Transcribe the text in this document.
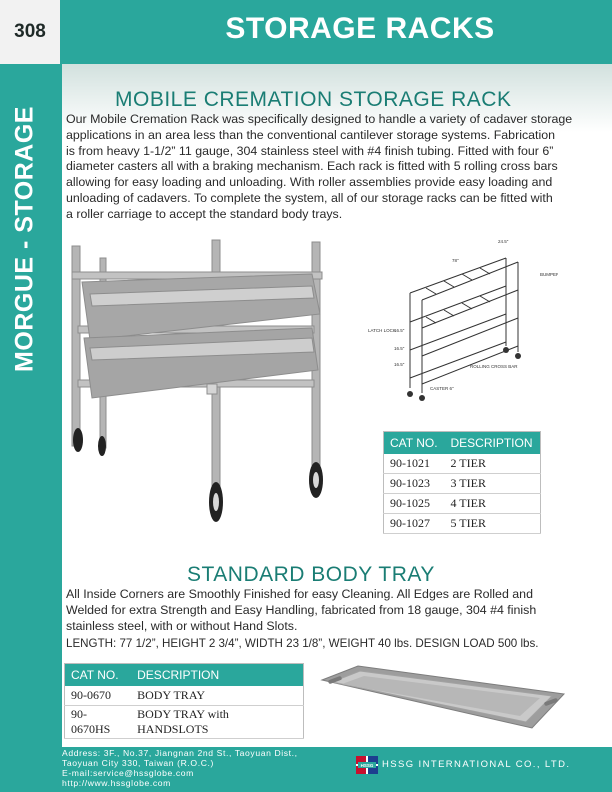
308	STORAGE RACKS
MORGUE - STORAGE
MOBILE CREMATION STORAGE RACK
Our Mobile Cremation Rack was specifically designed to handle a variety of cadaver storage
applications in an area less than the conventional cantilever storage systems. Fabrication
is from heavy 1-1/2” 11 gauge, 304 stainless steel with #4 finish tubing. Fitted with four 6”
diameter casters all with a braking mechanism. Each rack is fitted with 5 rolling cross bars
allowing for easy loading and unloading. With roller assemblies provide easy loading and
unloading of cadavers. To complete the system, all of our storage racks can be fitted with
a roller carriage to accept the standard body trays.
24.5"
BUMPER
78"
LATCH LOCK
16.5"
16.5"
16.5"	ROLLING CROSS BAR
CASTER 6"
CAT NO.	DESCRIPTION
90-1021	2 TIER
90-1023	3 TIER
90-1025	4 TIER
90-1027	5 TIER
STANDARD BODY TRAY
All Inside Corners are Smoothly Finished for easy Cleaning. All Edges are Rolled and
Welded for extra Strength and Easy Handling, fabricated from 18 gauge, 304 #4 finish
stainless steel, with or without Hand Slots.
LENGTH: 77 1/2”, HEIGHT 2 3/4”, WIDTH 23 1/8”, WEIGHT 40 lbs. DESIGN LOAD 500 lbs.
CAT NO.	DESCRIPTION
90-0670	BODY TRAY
90-0670HS	BODY TRAY with HANDSLOTS
Address: 3F., No.37, Jiangnan 2nd St., Taoyuan Dist.,
Taoyuan City 330, Taiwan (R.O.C.)
E-mail:service@hssglobe.com
http://www.hssglobe.com
HSSG HSSG INTERNATIONAL CO., LTD.
